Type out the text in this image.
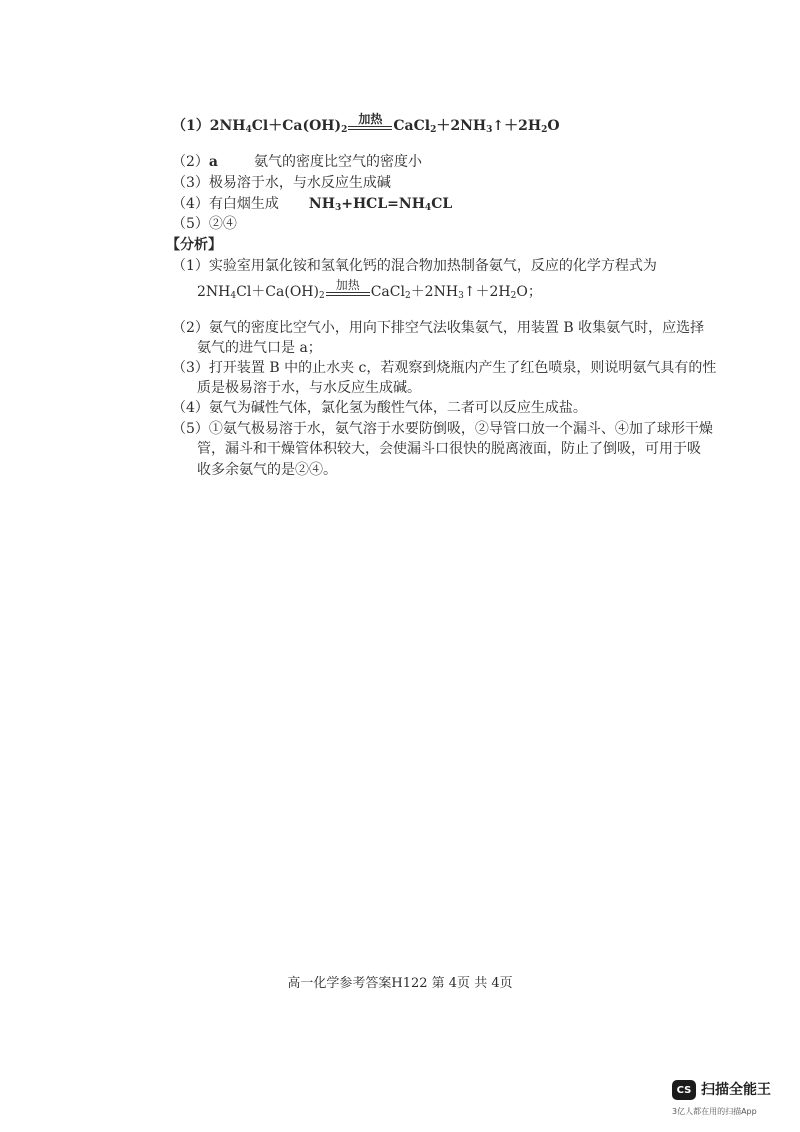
（1） $2NH_4Cl+Ca(OH)_2$
加热 $CaCl_2+2NH_3↑+2H_2O$
（2）a	氨气的密度比空气的密度小
（3）极易溶于水，与水反应生成碱
（4）有白烟生成 $NH_3+HCL=NH_4CL$
（5）②④
【分析】
（1）实验室用氯化铵和氢氧化钙的混合物加热制备氨气，反应的化学方程式为
$2NH_4Cl+Ca(OH)_2$
加热 $CaCl_2+2NH_3↑+2H_2O$；
（2）氨气的密度比空气小，用向下排空气法收集氨气，用装置 B 收集氨气时，应选择
氨气的进气口是 a；
（3）打开装置 B 中的止水夹 c，若观察到烧瓶内产生了红色喷泉，则说明氨气具有的性
质是极易溶于水，与水反应生成碱。
（4）氨气为碱性气体，氯化氢为酸性气体，二者可以反应生成盐。
（5）①氨气极易溶于水，氨气溶于水要防倒吸，②导管口放一个漏斗、④加了球形干燥
管，漏斗和干燥管体积较大，会使漏斗口很快的脱离液面，防止了倒吸，可用于吸
收多余氨气的是②④。
高一化学参考答案H122 第 4页 共 4页
CS 扫描全能王
3亿人都在用的扫描App
